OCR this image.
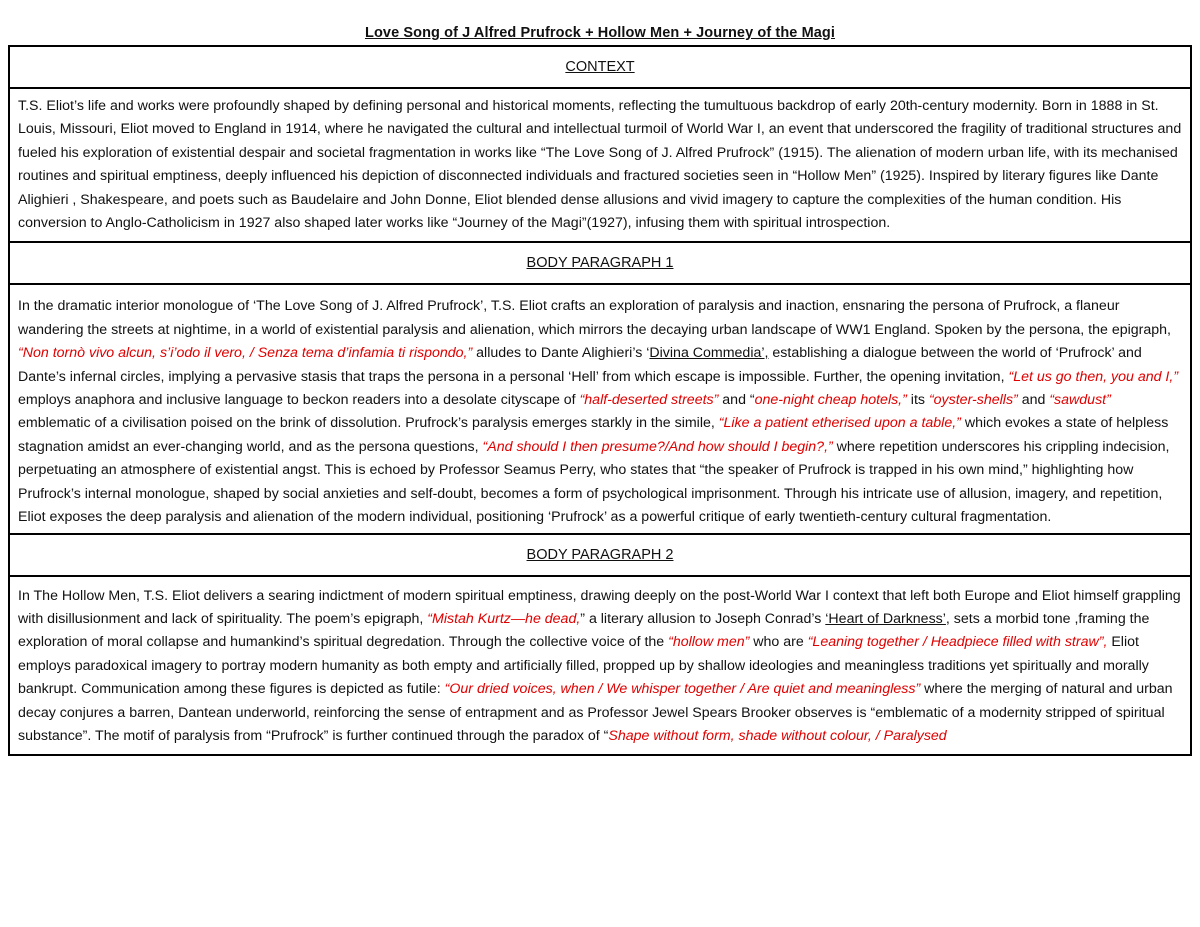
Love Song of J Alfred Prufrock + Hollow Men + Journey of the Magi
CONTEXT
T.S. Eliot’s life and works were profoundly shaped by defining personal and historical moments, reflecting the tumultuous backdrop of early 20th-century modernity. Born in 1888 in St. Louis, Missouri, Eliot moved to England in 1914, where he navigated the cultural and intellectual turmoil of World War I, an event that underscored the fragility of traditional structures and fueled his exploration of existential despair and societal fragmentation in works like “The Love Song of J. Alfred Prufrock” (1915). The alienation of modern urban life, with its mechanised routines and spiritual emptiness, deeply influenced his depiction of disconnected individuals and fractured societies seen in “Hollow Men” (1925). Inspired by literary figures like Dante Alighieri , Shakespeare, and poets such as Baudelaire and John Donne, Eliot blended dense allusions and vivid imagery to capture the complexities of the human condition. His conversion to Anglo-Catholicism in 1927 also shaped later works like “Journey of the Magi”(1927), infusing them with spiritual introspection.
BODY PARAGRAPH 1
In the dramatic interior monologue of ‘The Love Song of J. Alfred Prufrock’, T.S. Eliot crafts an exploration of paralysis and inaction, ensnaring the persona of Prufrock, a flaneur wandering the streets at nightime, in a world of existential paralysis and alienation, which mirrors the decaying urban landscape of WW1 England. Spoken by the persona, the epigraph, “Non tornò vivo alcun, s’i’odo il vero, / Senza tema d’infamia ti rispondo,” alludes to Dante Alighieri’s ‘Divina Commedia’, establishing a dialogue between the world of ‘Prufrock’ and Dante’s infernal circles, implying a pervasive stasis that traps the persona in a personal ‘Hell’ from which escape is impossible. Further, the opening invitation, “Let us go then, you and I,” employs anaphora and inclusive language to beckon readers into a desolate cityscape of “half-deserted streets” and “one-night cheap hotels,” its “oyster-shells” and “sawdust” emblematic of a civilisation poised on the brink of dissolution. Prufrock’s paralysis emerges starkly in the simile, “Like a patient etherised upon a table,” which evokes a state of helpless stagnation amidst an ever-changing world, and as the persona questions, “And should I then presume?/And how should I begin?,” where repetition underscores his crippling indecision, perpetuating an atmosphere of existential angst. This is echoed by Professor Seamus Perry, who states that “the speaker of Prufrock is trapped in his own mind,” highlighting how Prufrock’s internal monologue, shaped by social anxieties and self-doubt, becomes a form of psychological imprisonment. Through his intricate use of allusion, imagery, and repetition, Eliot exposes the deep paralysis and alienation of the modern individual, positioning ‘Prufrock’ as a powerful critique of early twentieth-century cultural fragmentation.
BODY PARAGRAPH 2
In The Hollow Men, T.S. Eliot delivers a searing indictment of modern spiritual emptiness, drawing deeply on the post-World War I context that left both Europe and Eliot himself grappling with disillusionment and lack of spirituality. The poem’s epigraph, “Mistah Kurtz—he dead,” a literary allusion to Joseph Conrad’s ‘Heart of Darkness’, sets a morbid tone ,framing the exploration of moral collapse and humankind’s spiritual degredation. Through the collective voice of the “hollow men” who are “Leaning together / Headpiece filled with straw”, Eliot employs paradoxical imagery to portray modern humanity as both empty and artificially filled, propped up by shallow ideologies and meaningless traditions yet spiritually and morally bankrupt. Communication among these figures is depicted as futile: “Our dried voices, when / We whisper together / Are quiet and meaningless” where the merging of natural and urban decay conjures a barren, Dantean underworld, reinforcing the sense of entrapment and as Professor Jewel Spears Brooker observes is “emblematic of a modernity stripped of spiritual substance”. The motif of paralysis from “Prufrock” is further continued through the paradox of “Shape without form, shade without colour, / Paralysed
